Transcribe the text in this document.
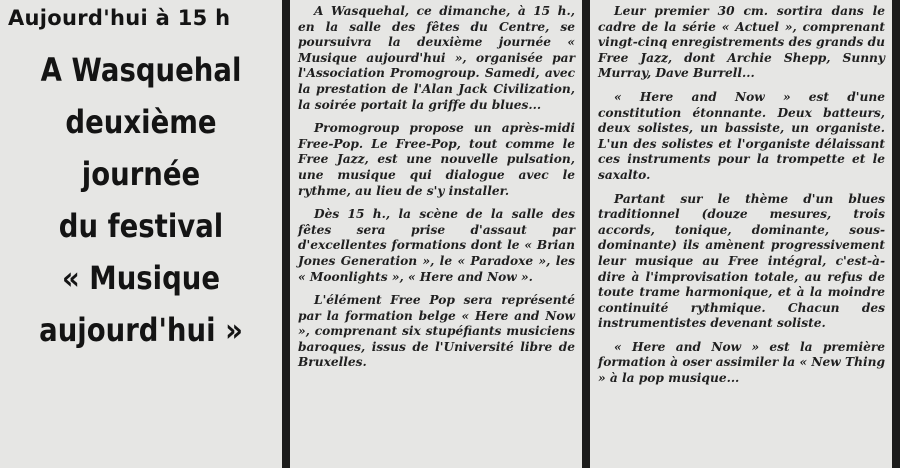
Aujourd'hui à 15 h
A Wasquehal
deuxième
journée
du festival
« Musique
aujourd'hui »

A Wasquehal, ce dimanche, à 15 h., en la salle des fêtes du Centre, se poursuivra la deuxième journée « Musique aujourd'hui », organisée par l'Association Promogroup. Samedi, avec la prestation de l'Alan Jack Civilization, la soirée portait la griffe du blues...

Promogroup propose un après-midi Free-Pop. Le Free-Pop, tout comme le Free Jazz, est une nouvelle pulsation, une musique qui dialogue avec le rythme, au lieu de s'y installer.

Dès 15 h., la scène de la salle des fêtes sera prise d'assaut par d'excellentes formations dont le « Brian Jones Generation », le « Paradoxe », les « Moonlights », « Here and Now ».

L'élément Free Pop sera représenté par la formation belge « Here and Now », comprenant six stupéfiants musiciens baroques, issus de l'Université libre de Bruxelles.

Leur premier 30 cm. sortira dans le cadre de la série « Actuel », comprenant vingt-cinq enregistrements des grands du Free Jazz, dont Archie Shepp, Sunny Murray, Dave Burrell...

« Here and Now » est d'une constitution étonnante. Deux batteurs, deux solistes, un bassiste, un organiste. L'un des solistes et l'organiste délaissant ces instruments pour la trompette et le saxalto.

Partant sur le thème d'un blues traditionnel (douze mesures, trois accords, tonique, dominante, sous-dominante) ils amènent progressivement leur musique au Free intégral, c'est-à-dire à l'improvisation totale, au refus de toute trame harmonique, et à la moindre continuité rythmique. Chacun des instrumentistes devenant soliste.

« Here and Now » est la première formation à oser assimiler la « New Thing » à la pop musique...
